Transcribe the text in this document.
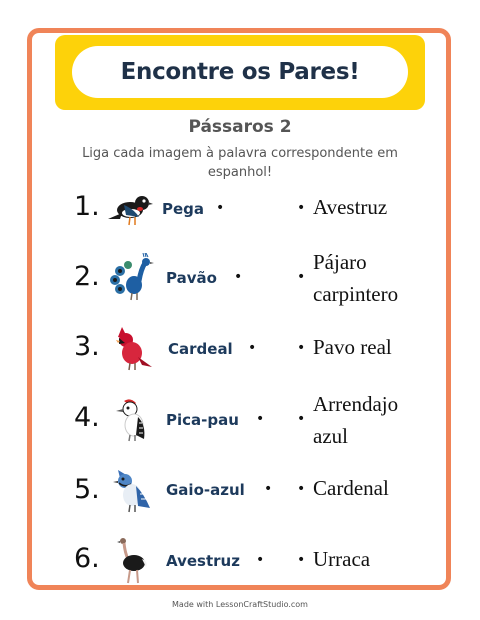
Encontre os Pares!
Pássaros 2
Liga cada imagem à palavra correspondente em espanhol!
1.	Pega •	• Avestruz
2.	Pavão •	•
Pájaro carpintero
3.	Cardeal •	• Pavo real
4.	Pica-pau • •
Arrendajo azul
5.	Gaio-azul • • Cardenal
6.	Avestruz • • Urraca
Made with LessonCraftStudio.com
